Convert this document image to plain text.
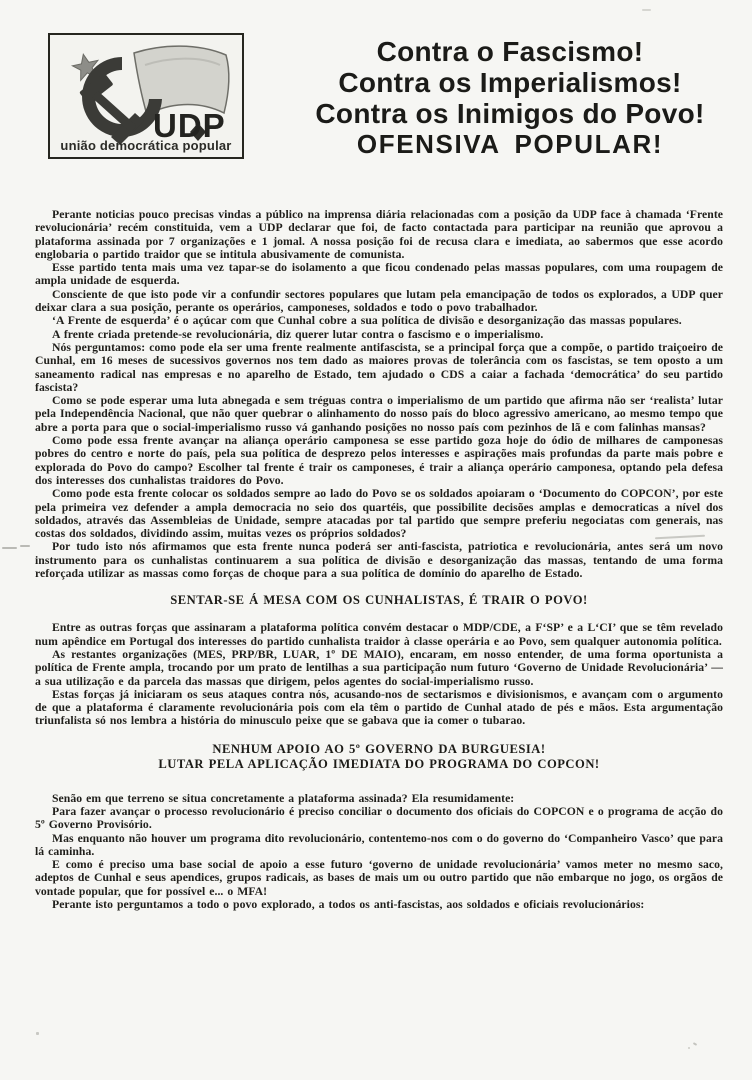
UDP
união democrática popular
Contra o Fascismo!
Contra os Imperialismos!
Contra os Inimigos do Povo!
OFENSIVA POPULAR!

Perante noticias pouco precisas vindas a público na imprensa diária relacionadas com a posição da UDP face à chamada ‘Frente revolucionária’ recém constituida, vem a UDP declarar que foi, de facto contactada para participar na reunião que aprovou a plataforma assinada por 7 organizações e 1 jomal. A nossa posição foi de recusa clara e imediata, ao sabermos que esse acordo englobaria o partido traidor que se intitula abusivamente de comunista.

Esse partido tenta mais uma vez tapar-se do isolamento a que ficou condenado pelas massas populares, com uma roupagem de ampla unidade de esquerda.

Consciente de que isto pode vir a confundir sectores populares que lutam pela emancipação de todos os explorados, a UDP quer deixar clara a sua posição, perante os operários, camponeses, soldados e todo o povo trabalhador.

‘A Frente de esquerda’ é o açúcar com que Cunhal cobre a sua política de divisão e desorganização das massas populares.

A frente criada pretende-se revolucionária, diz querer lutar contra o fascismo e o imperialismo.

Nós perguntamos: como pode ela ser uma frente realmente antifascista, se a principal força que a compõe, o partido traiçoeiro de Cunhal, em 16 meses de sucessivos governos nos tem dado as maiores provas de tolerância com os fascistas, se tem oposto a um saneamento radical nas empresas e no aparelho de Estado, tem ajudado o CDS a caiar a fachada ‘democrática’ do seu partido fascista?

Como se pode esperar uma luta abnegada e sem tréguas contra o imperialismo de um partido que afirma não ser ‘realista’ lutar pela Independência Nacional, que não quer quebrar o alinhamento do nosso país do bloco agressivo americano, ao mesmo tempo que abre a porta para que o social-imperialismo russo vá ganhando posições no nosso país com pezinhos de lã e com falinhas mansas?

Como pode essa frente avançar na aliança operário camponesa se esse partido goza hoje do ódio de milhares de camponesas pobres do centro e norte do país, pela sua política de desprezo pelos interesses e aspirações mais profundas da parte mais pobre e explorada do Povo do campo? Escolher tal frente é trair os camponeses, é trair a aliança operário camponesa, optando pela defesa dos interesses dos cunhalistas traidores do Povo.

Como pode esta frente colocar os soldados sempre ao lado do Povo se os soldados apoiaram o ‘Documento do COPCON’, por este pela primeira vez defender a ampla democracia no seio dos quartéis, que possibilite decisões amplas e democraticas a nível dos soldados, através das Assembleias de Unidade, sempre atacadas por tal partido que sempre preferiu negociatas com generais, nas costas dos soldados, dividindo assim, muitas vezes os próprios soldados?

Por tudo isto nós afirmamos que esta frente nunca poderá ser anti-fascista, patriotica e revolucionária, antes será um novo instrumento para os cunhalistas continuarem a sua política de divisão e desorganização das massas, tentando de uma forma reforçada utilizar as massas como forças de choque para a sua política de domínio do aparelho de Estado.

SENTAR-SE Á MESA COM OS CUNHALISTAS, É TRAIR O POVO!

Entre as outras forças que assinaram a plataforma política convém destacar o MDP/CDE, a F‘SP’ e a L‘CI’ que se têm revelado num apêndice em Portugal dos interesses do partido cunhalista traidor à classe operária e ao Povo, sem qualquer autonomia política.

As restantes organizações (MES, PRP/BR, LUAR, 1º DE MAIO), encaram, em nosso entender, de uma forma oportunista a política de Frente ampla, trocando por um prato de lentilhas a sua participação num futuro ‘Governo de Unidade Revolucionária’ — a sua utilização e da parcela das massas que dirigem, pelos agentes do social-imperialismo russo.

Estas forças já iniciaram os seus ataques contra nós, acusando-nos de sectarismos e divisionismos, e avançam com o argumento de que a plataforma é claramente revolucionária pois com ela têm o partido de Cunhal atado de pés e mãos. Esta argumentação triunfalista só nos lembra a história do minusculo peixe que se gabava que ia comer o tubarao.

NENHUM APOIO AO 5º GOVERNO DA BURGUESIA!
LUTAR PELA APLICAÇÃO IMEDIATA DO PROGRAMA DO COPCON!

Senão em que terreno se situa concretamente a plataforma assinada? Ela resumidamente:

Para fazer avançar o processo revolucionário é preciso conciliar o documento dos oficiais do COPCON e o programa de acção do 5º Governo Provisório.

Mas enquanto não houver um programa dito revolucionário, contentemo-nos com o do governo do ‘Companheiro Vasco’ que para lá caminha.

E como é preciso uma base social de apoio a esse futuro ‘governo de unidade revolucionária’ vamos meter no mesmo saco, adeptos de Cunhal e seus apendices, grupos radicais, as bases de mais um ou outro partido que não embarque no jogo, os orgãos de vontade popular, que for possível e... o MFA!

Perante isto perguntamos a todo o povo explorado, a todos os anti-fascistas, aos soldados e oficiais revolucionários:
